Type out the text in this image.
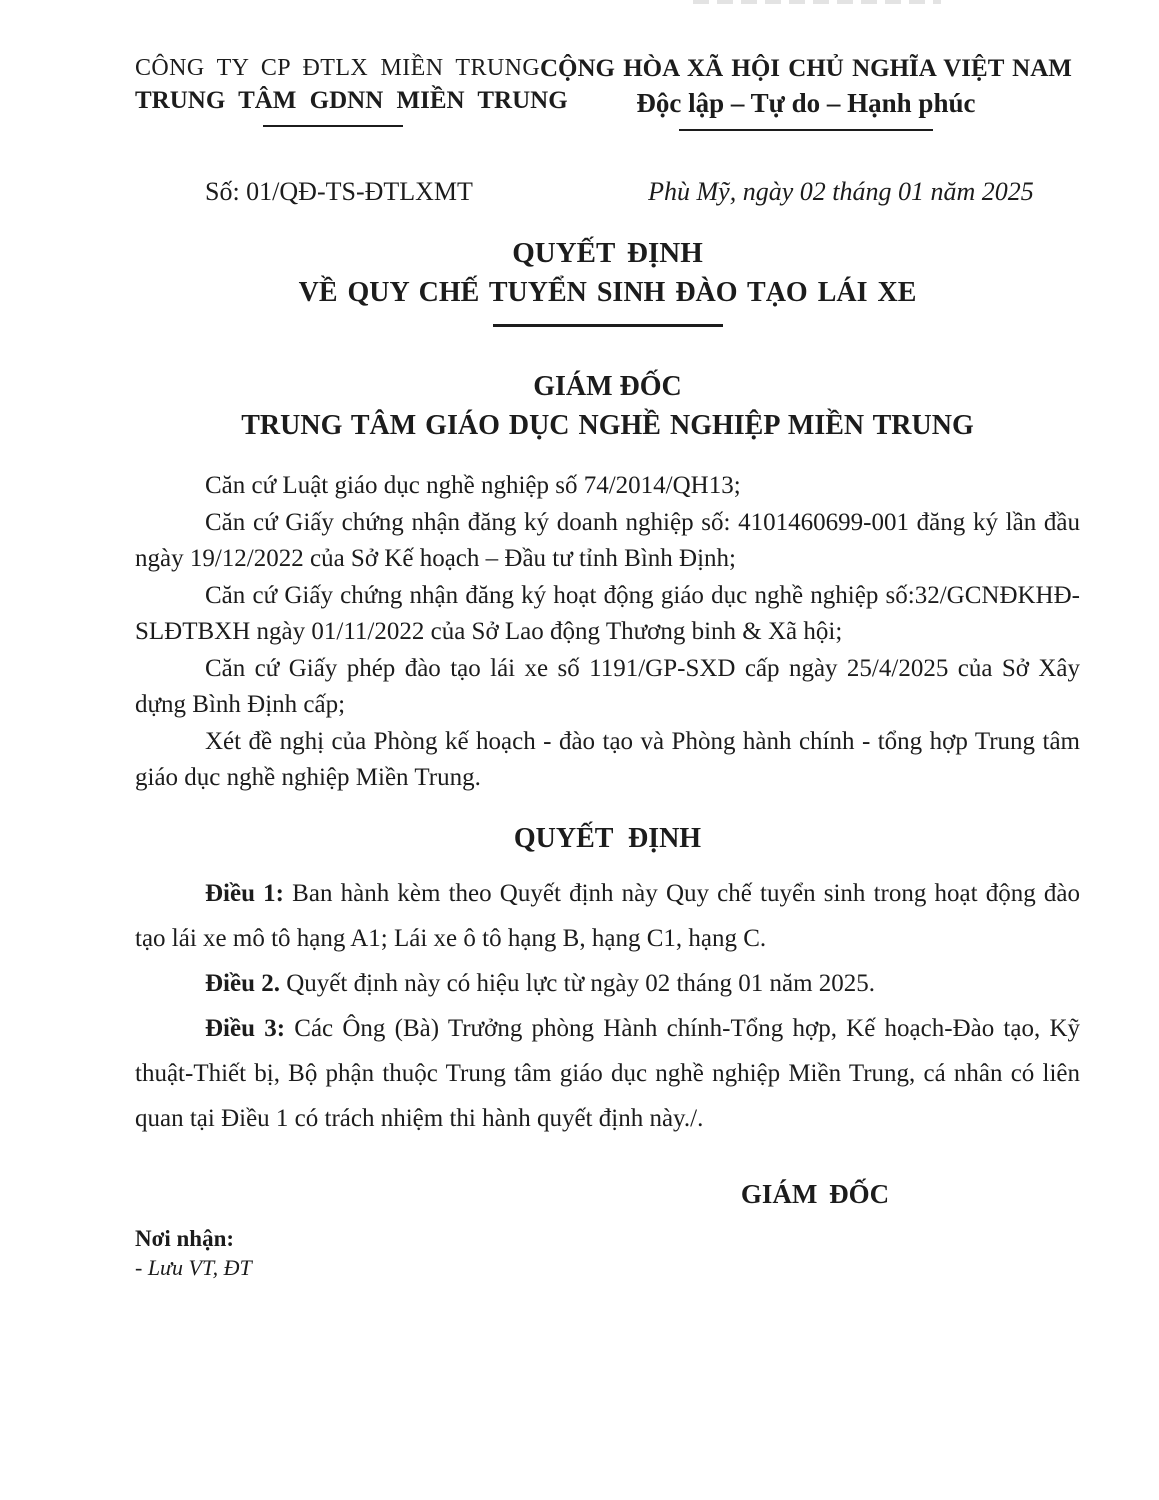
CÔNG TY CP ĐTLX MIỀN TRUNG
TRUNG TÂM GDNN MIỀN TRUNG
CỘNG HÒA XÃ HỘI CHỦ NGHĨA VIỆT NAM
Độc lập – Tự do – Hạnh phúc
Số: 01/QĐ-TS-ĐTLXMT	Phù Mỹ, ngày 02 tháng 01 năm 2025
QUYẾT ĐỊNH
VỀ QUY CHẾ TUYỂN SINH ĐÀO TẠO LÁI XE
GIÁM ĐỐC
TRUNG TÂM GIÁO DỤC NGHỀ NGHIỆP MIỀN TRUNG

Căn cứ Luật giáo dục nghề nghiệp số 74/2014/QH13;

Căn cứ Giấy chứng nhận đăng ký doanh nghiệp số: 4101460699-001 đăng ký lần đầu ngày 19/12/2022 của Sở Kế hoạch – Đầu tư tỉnh Bình Định;

Căn cứ Giấy chứng nhận đăng ký hoạt động giáo dục nghề nghiệp số:32/GCNĐKHĐ-SLĐTBXH ngày 01/11/2022 của Sở Lao động Thương binh & Xã hội;

Căn cứ Giấy phép đào tạo lái xe số 1191/GP-SXD cấp ngày 25/4/2025 của Sở Xây dựng Bình Định cấp;

Xét đề nghị của Phòng kế hoạch - đào tạo và Phòng hành chính - tổng hợp Trung tâm giáo dục nghề nghiệp Miền Trung.

QUYẾT ĐỊNH

Điều 1: Ban hành kèm theo Quyết định này Quy chế tuyển sinh trong hoạt động đào tạo lái xe mô tô hạng A1; Lái xe ô tô hạng B, hạng C1, hạng C.

Điều 2. Quyết định này có hiệu lực từ ngày 02 tháng 01 năm 2025.

Điều 3: Các Ông (Bà) Trưởng phòng Hành chính-Tổng hợp, Kế hoạch-Đào tạo, Kỹ thuật-Thiết bị, Bộ phận thuộc Trung tâm giáo dục nghề nghiệp Miền Trung, cá nhân có liên quan tại Điều 1 có trách nhiệm thi hành quyết định này./.

GIÁM ĐỐC
Nơi nhận:
- Lưu VT, ĐT
